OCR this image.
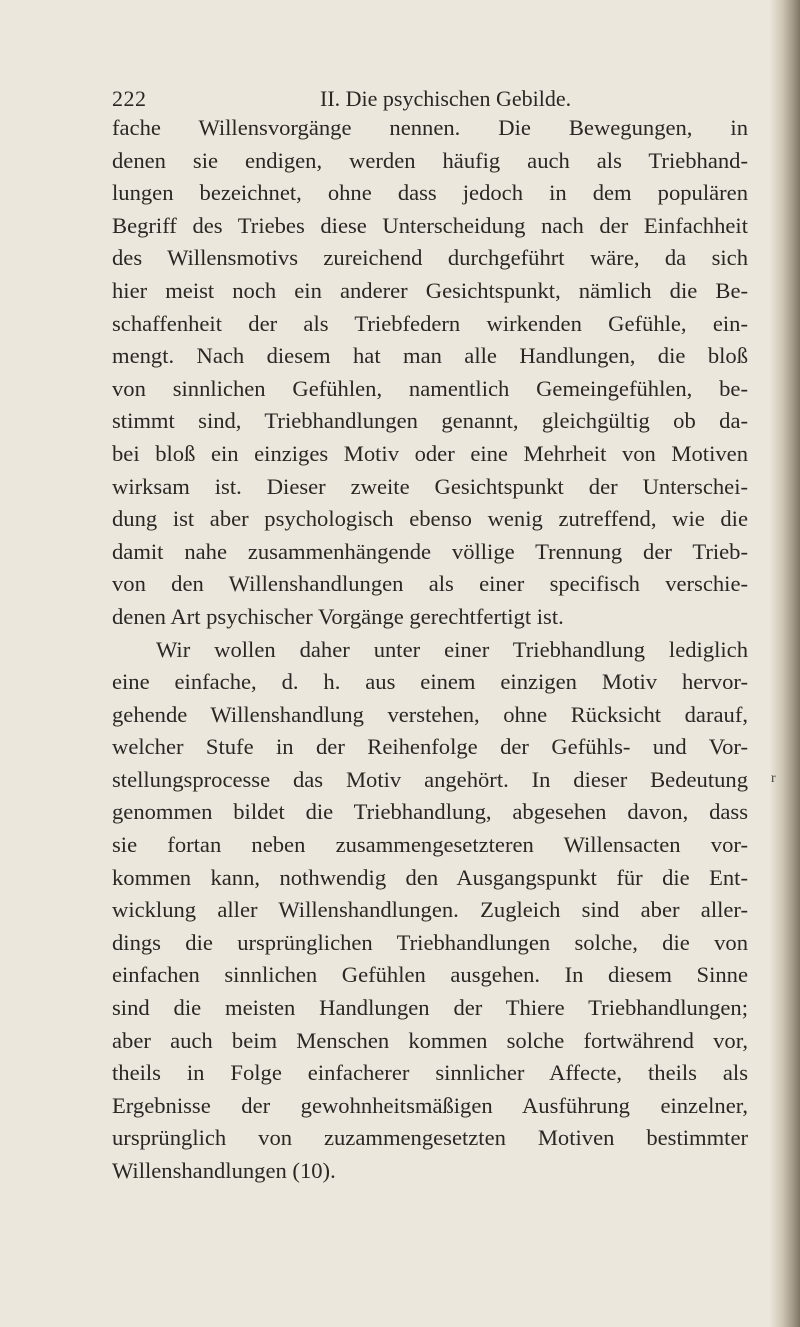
222	II. Die psychischen Gebilde.
fache Willensvorgänge nennen. Die Bewegungen, in
denen sie endigen, werden häufig auch als Triebhand-
lungen bezeichnet, ohne dass jedoch in dem populären
Begriff des Triebes diese Unterscheidung nach der Einfachheit
des Willensmotivs zureichend durchgeführt wäre, da sich
hier meist noch ein anderer Gesichtspunkt, nämlich die Be-
schaffenheit der als Triebfedern wirkenden Gefühle, ein-
mengt. Nach diesem hat man alle Handlungen, die bloß
von sinnlichen Gefühlen, namentlich Gemeingefühlen, be-
stimmt sind, Triebhandlungen genannt, gleichgültig ob da-
bei bloß ein einziges Motiv oder eine Mehrheit von Motiven
wirksam ist. Dieser zweite Gesichtspunkt der Unterschei-
dung ist aber psychologisch ebenso wenig zutreffend, wie die
damit nahe zusammenhängende völlige Trennung der Trieb-
von den Willenshandlungen als einer specifisch verschie-
denen Art psychischer Vorgänge gerechtfertigt ist.
Wir wollen daher unter einer Triebhandlung lediglich
eine einfache, d. h. aus einem einzigen Motiv hervor-
gehende Willenshandlung verstehen, ohne Rücksicht darauf,
welcher Stufe in der Reihenfolge der Gefühls- und Vor-
stellungsprocesse das Motiv angehört. In dieser Bedeutung
genommen bildet die Triebhandlung, abgesehen davon, dass
sie fortan neben zusammengesetzteren Willensacten vor-
kommen kann, nothwendig den Ausgangspunkt für die Ent-
wicklung aller Willenshandlungen. Zugleich sind aber aller-
dings die ursprünglichen Triebhandlungen solche, die von
einfachen sinnlichen Gefühlen ausgehen. In diesem Sinne
sind die meisten Handlungen der Thiere Triebhandlungen;
aber auch beim Menschen kommen solche fortwährend vor,
theils in Folge einfacherer sinnlicher Affecte, theils als
Ergebnisse der gewohnheitsmäßigen Ausführung einzelner,
ursprünglich von zuzammengesetzten Motiven bestimmter
Willenshandlungen (10).
r
